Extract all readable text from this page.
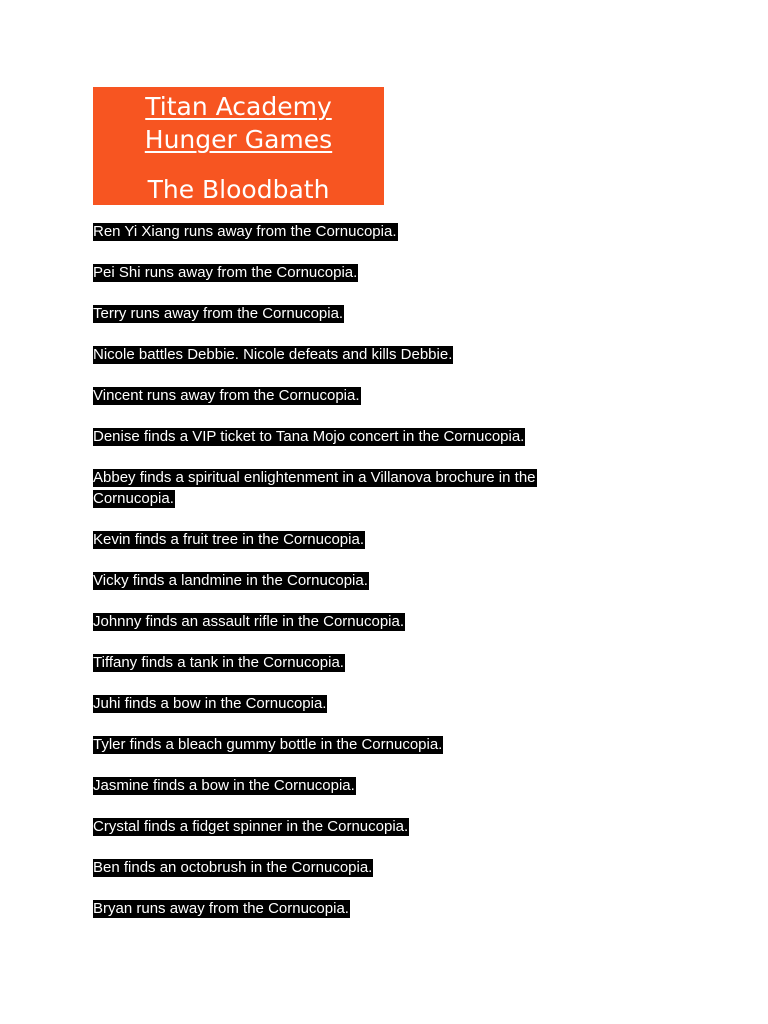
Titan Academy
Hunger Games
The Bloodbath
Ren Yi Xiang runs away from the Cornucopia.
Pei Shi runs away from the Cornucopia.
Terry runs away from the Cornucopia.
Nicole battles Debbie. Nicole defeats and kills Debbie.
Vincent runs away from the Cornucopia.
Denise finds a VIP ticket to Tana Mojo concert in the Cornucopia.
Abbey finds a spiritual enlightenment in a Villanova brochure in the Cornucopia.
Kevin finds a fruit tree in the Cornucopia.
Vicky finds a landmine in the Cornucopia.
Johnny finds an assault rifle in the Cornucopia.
Tiffany finds a tank in the Cornucopia.
Juhi finds a bow in the Cornucopia.
Tyler finds a bleach gummy bottle in the Cornucopia.
Jasmine finds a bow in the Cornucopia.
Crystal finds a fidget spinner in the Cornucopia.
Ben finds an octobrush in the Cornucopia.
Bryan runs away from the Cornucopia.
